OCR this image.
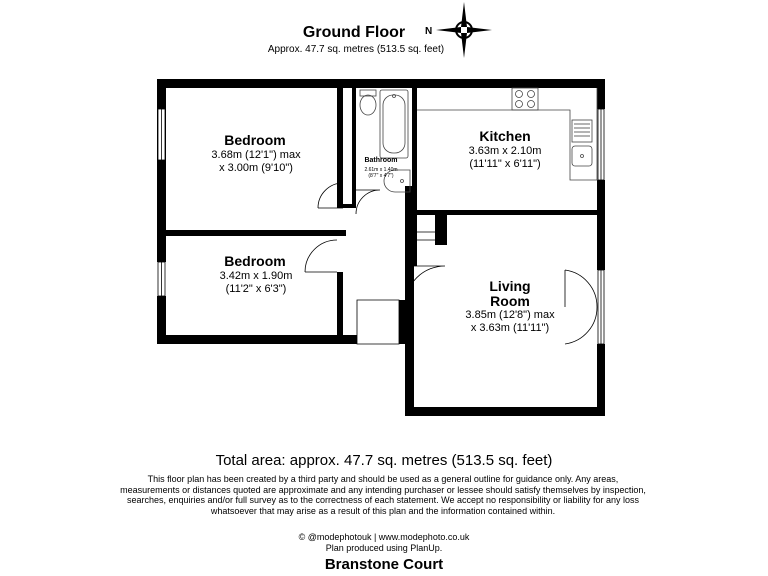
Ground Floor
Approx. 47.7 sq. metres (513.5 sq. feet)
N
Bedroom
3.68m (12'1") max
x 3.00m (9'10")
Bedroom
3.42m x 1.90m
(11'2" x 6'3")
Bathroom
2.61m x 1.40m
(8'7" x 4'7")
Kitchen
3.63m x 2.10m
(11'11" x 6'11")
Living
Room
3.85m (12'8") max
x 3.63m (11'11")
Total area: approx. 47.7 sq. metres (513.5 sq. feet)
This floor plan has been created by a third party and should be used as a general outline for guidance only. Any areas, measurements or distances quoted are approximate and any intending purchaser or lessee should satisfy themselves by inspection, searches, enquiries and/or full survey as to the correctness of each statement. We accept no responsibility or liability for any loss whatsoever that may arise as a result of this plan and the information contained within.
© @modephotouk | www.modephoto.co.uk
Plan produced using PlanUp.
Branstone Court
